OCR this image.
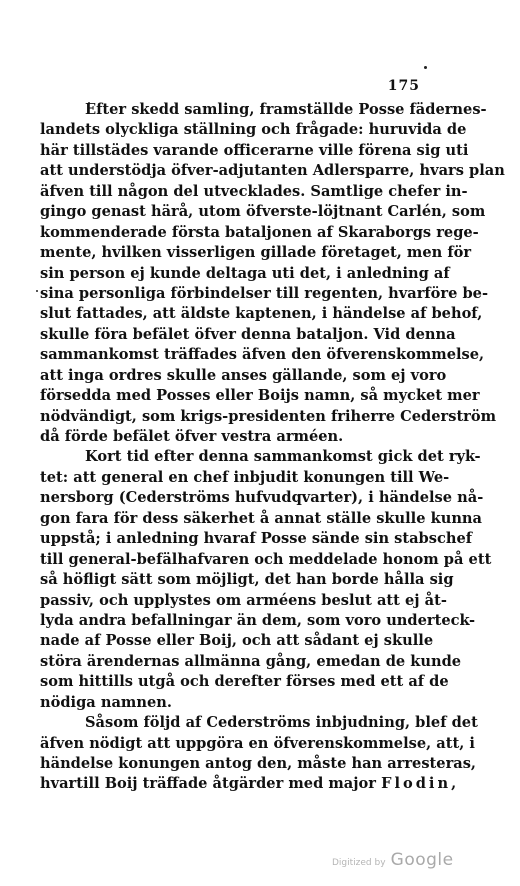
175
Efter skedd samling, framställde Posse fädernes-
landets olyckliga ställning och frågade: huruvida de
här tillstädes varande officerarne ville förena sig uti
att understödja öfver-adjutanten Adlersparre, hvars plan
äfven till någon del utvecklades. Samtlige chefer in-
gingo genast härå, utom öfverste-löjtnant Carlén, som
kommenderade första bataljonen af Skaraborgs rege-
mente, hvilken visserligen gillade företaget, men för
sin person ej kunde deltaga uti det, i anledning af
sina personliga förbindelser till regenten, hvarföre be-
slut fattades, att äldste kaptenen, i händelse af behof,
skulle föra befälet öfver denna bataljon. Vid denna
sammankomst träffades äfven den öfverenskommelse,
att inga ordres skulle anses gällande, som ej voro
försedda med Posses eller Boijs namn, så mycket mer
nödvändigt, som krigs-presidenten friherre Cederström
då förde befälet öfver vestra arméen.
Kort tid efter denna sammankomst gick det ryk-
tet: att general en chef inbjudit konungen till We-
nersborg (Cederströms hufvudqvarter), i händelse nå-
gon fara för dess säkerhet å annat ställe skulle kunna
uppstå; i anledning hvaraf Posse sände sin stabschef
till general-befälhafvaren och meddelade honom på ett
så höfligt sätt som möjligt, det han borde hålla sig
passiv, och upplystes om arméens beslut att ej åt-
lyda andra befallningar än dem, som voro underteck-
nade af Posse eller Boij, och att sådant ej skulle
störa ärendernas allmänna gång, emedan de kunde
som hittills utgå och derefter förses med ett af de
nödiga namnen.
Såsom följd af Cederströms inbjudning, blef det
äfven nödigt att uppgöra en öfverenskommelse, att, i
händelse konungen antog den, måste han arresteras,
hvartill Boij träffade åtgärder med major Flodin,
Digitized by Google
